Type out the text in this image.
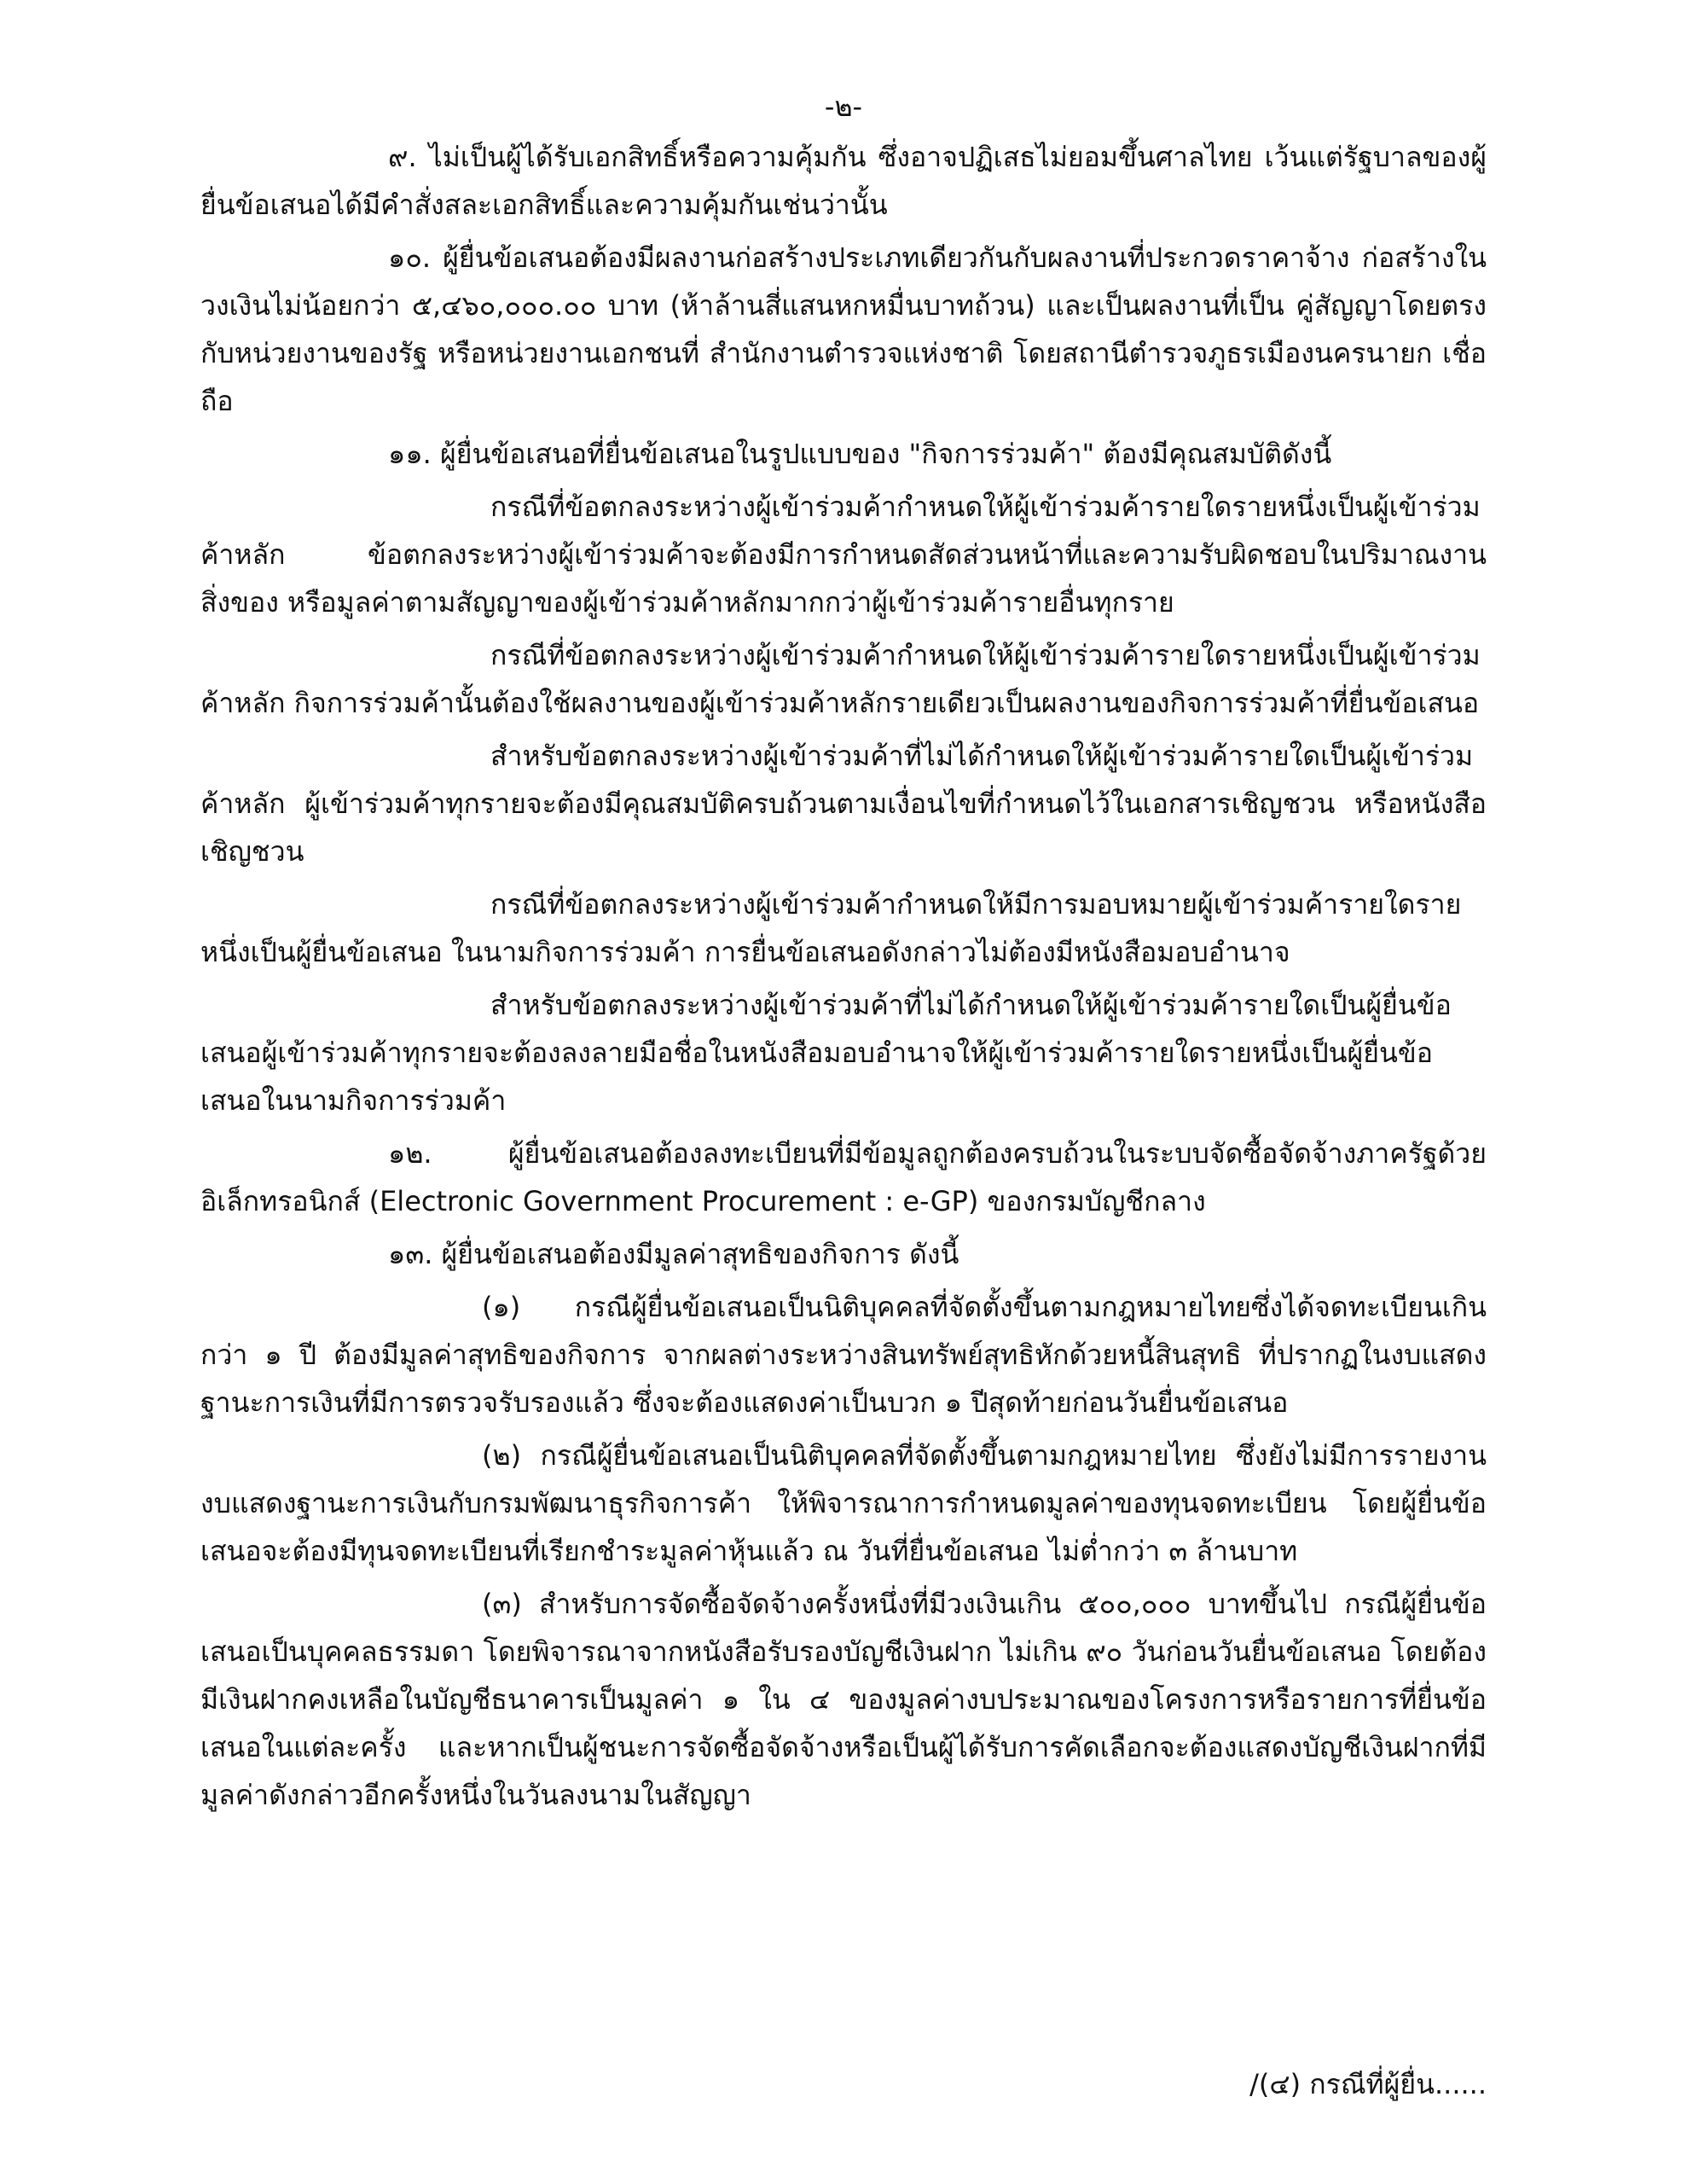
-๒-

๙. ไม่เป็นผู้ได้รับเอกสิทธิ์หรือความคุ้มกัน ซึ่งอาจปฏิเสธไม่ยอมขึ้นศาลไทย เว้นแต่รัฐบาลของผู้ยื่นข้อเสนอได้มีคำสั่งสละเอกสิทธิ์และความคุ้มกันเช่นว่านั้น

๑๐. ผู้ยื่นข้อเสนอต้องมีผลงานก่อสร้างประเภทเดียวกันกับผลงานที่ประกวดราคาจ้าง ก่อสร้างในวงเงินไม่น้อยกว่า ๕,๔๖๐,๐๐๐.๐๐ บาท (ห้าล้านสี่แสนหกหมื่นบาทถ้วน) และเป็นผลงานที่เป็น คู่สัญญาโดยตรงกับหน่วยงานของรัฐ หรือหน่วยงานเอกชนที่ สำนักงานตำรวจแห่งชาติ โดยสถานีตำรวจภูธรเมืองนครนายก เชื่อถือ

๑๑. ผู้ยื่นข้อเสนอที่ยื่นข้อเสนอในรูปแบบของ "กิจการร่วมค้า" ต้องมีคุณสมบัติดังนี้

กรณีที่ข้อตกลงระหว่างผู้เข้าร่วมค้ากำหนดให้ผู้เข้าร่วมค้ารายใดรายหนึ่งเป็นผู้เข้าร่วมค้าหลัก ข้อตกลงระหว่างผู้เข้าร่วมค้าจะต้องมีการกำหนดสัดส่วนหน้าที่และความรับผิดชอบในปริมาณงาน สิ่งของ หรือมูลค่าตามสัญญาของผู้เข้าร่วมค้าหลักมากกว่าผู้เข้าร่วมค้ารายอื่นทุกราย

กรณีที่ข้อตกลงระหว่างผู้เข้าร่วมค้ากำหนดให้ผู้เข้าร่วมค้ารายใดรายหนึ่งเป็นผู้เข้าร่วมค้าหลัก กิจการร่วมค้านั้นต้องใช้ผลงานของผู้เข้าร่วมค้าหลักรายเดียวเป็นผลงานของกิจการร่วมค้าที่ยื่นข้อเสนอ

สำหรับข้อตกลงระหว่างผู้เข้าร่วมค้าที่ไม่ได้กำหนดให้ผู้เข้าร่วมค้ารายใดเป็นผู้เข้าร่วมค้าหลัก ผู้เข้าร่วมค้าทุกรายจะต้องมีคุณสมบัติครบถ้วนตามเงื่อนไขที่กำหนดไว้ในเอกสารเชิญชวน หรือหนังสือเชิญชวน

กรณีที่ข้อตกลงระหว่างผู้เข้าร่วมค้ากำหนดให้มีการมอบหมายผู้เข้าร่วมค้ารายใดรายหนึ่งเป็นผู้ยื่นข้อเสนอ ในนามกิจการร่วมค้า การยื่นข้อเสนอดังกล่าวไม่ต้องมีหนังสือมอบอำนาจ

สำหรับข้อตกลงระหว่างผู้เข้าร่วมค้าที่ไม่ได้กำหนดให้ผู้เข้าร่วมค้ารายใดเป็นผู้ยื่นข้อเสนอผู้เข้าร่วมค้าทุกรายจะต้องลงลายมือชื่อในหนังสือมอบอำนาจให้ผู้เข้าร่วมค้ารายใดรายหนึ่งเป็นผู้ยื่นข้อเสนอในนามกิจการร่วมค้า

๑๒. ผู้ยื่นข้อเสนอต้องลงทะเบียนที่มีข้อมูลถูกต้องครบถ้วนในระบบจัดซื้อจัดจ้างภาครัฐด้วยอิเล็กทรอนิกส์ (Electronic Government Procurement : e-GP) ของกรมบัญชีกลาง

๑๓. ผู้ยื่นข้อเสนอต้องมีมูลค่าสุทธิของกิจการ ดังนี้

(๑) กรณีผู้ยื่นข้อเสนอเป็นนิติบุคคลที่จัดตั้งขึ้นตามกฎหมายไทยซึ่งได้จดทะเบียนเกินกว่า ๑ ปี ต้องมีมูลค่าสุทธิของกิจการ จากผลต่างระหว่างสินทรัพย์สุทธิหักด้วยหนี้สินสุทธิ ที่ปรากฏในงบแสดงฐานะการเงินที่มีการตรวจรับรองแล้ว ซึ่งจะต้องแสดงค่าเป็นบวก ๑ ปีสุดท้ายก่อนวันยื่นข้อเสนอ

(๒) กรณีผู้ยื่นข้อเสนอเป็นนิติบุคคลที่จัดตั้งขึ้นตามกฎหมายไทย ซึ่งยังไม่มีการรายงานงบแสดงฐานะการเงินกับกรมพัฒนาธุรกิจการค้า ให้พิจารณาการกำหนดมูลค่าของทุนจดทะเบียน โดยผู้ยื่นข้อเสนอจะต้องมีทุนจดทะเบียนที่เรียกชำระมูลค่าหุ้นแล้ว ณ วันที่ยื่นข้อเสนอ ไม่ต่ำกว่า ๓ ล้านบาท

(๓) สำหรับการจัดซื้อจัดจ้างครั้งหนึ่งที่มีวงเงินเกิน ๕๐๐,๐๐๐ บาทขึ้นไป กรณีผู้ยื่นข้อเสนอเป็นบุคคลธรรมดา โดยพิจารณาจากหนังสือรับรองบัญชีเงินฝาก ไม่เกิน ๙๐ วันก่อนวันยื่นข้อเสนอ โดยต้องมีเงินฝากคงเหลือในบัญชีธนาคารเป็นมูลค่า ๑ ใน ๔ ของมูลค่างบประมาณของโครงการหรือรายการที่ยื่นข้อเสนอในแต่ละครั้ง และหากเป็นผู้ชนะการจัดซื้อจัดจ้างหรือเป็นผู้ได้รับการคัดเลือกจะต้องแสดงบัญชีเงินฝากที่มีมูลค่าดังกล่าวอีกครั้งหนึ่งในวันลงนามในสัญญา

/(๔) กรณีที่ผู้ยื่น......
